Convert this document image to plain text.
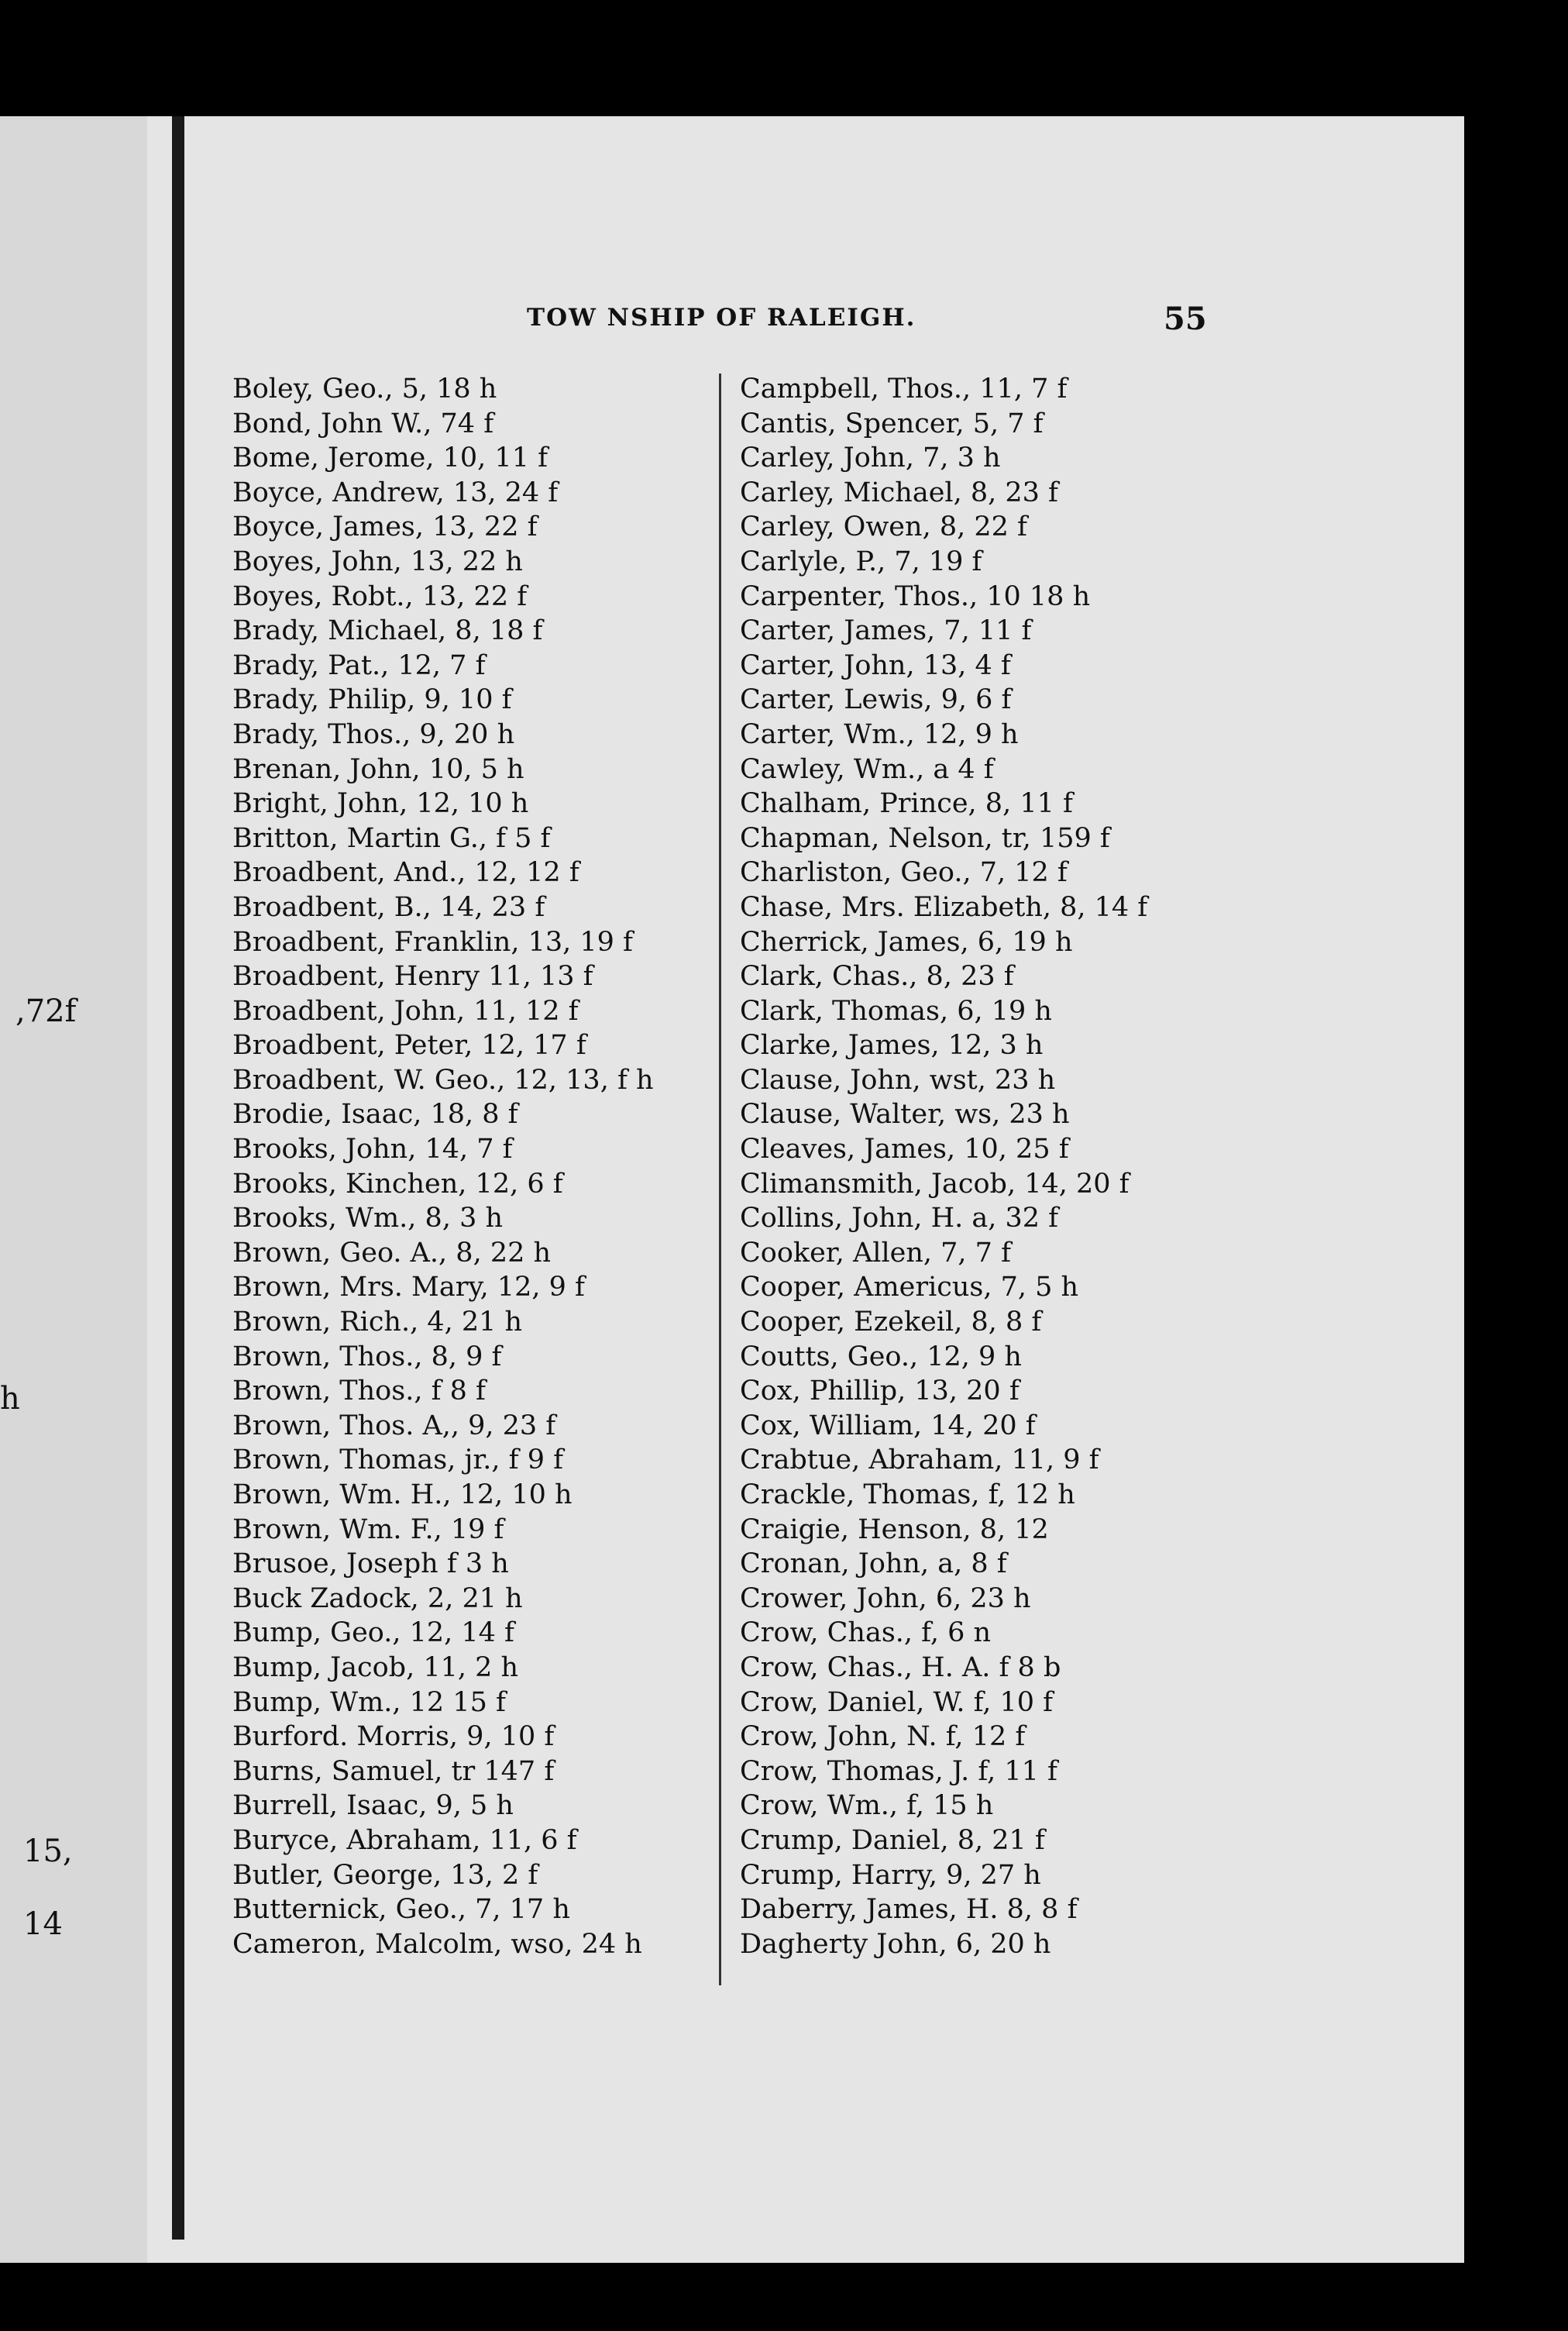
,72f
h
15,
14
TOW NSHIP OF RALEIGH.	55
Boley, Geo., 5, 18 h
Bond, John W., 74 f
Bome, Jerome, 10, 11 f
Boyce, Andrew, 13, 24 f
Boyce, James, 13, 22 f
Boyes, John, 13, 22 h
Boyes, Robt., 13, 22 f
Brady, Michael, 8, 18 f
Brady, Pat., 12, 7 f
Brady, Philip, 9, 10 f
Brady, Thos., 9, 20 h
Brenan, John, 10, 5 h
Bright, John, 12, 10 h
Britton, Martin G., f 5 f
Broadbent, And., 12, 12 f
Broadbent, B., 14, 23 f
Broadbent, Franklin, 13, 19 f
Broadbent, Henry 11, 13 f
Broadbent, John, 11, 12 f
Broadbent, Peter, 12, 17 f
Broadbent, W. Geo., 12, 13, f h
Brodie, Isaac, 18, 8 f
Brooks, John, 14, 7 f
Brooks, Kinchen, 12, 6 f
Brooks, Wm., 8, 3 h
Brown, Geo. A., 8, 22 h
Brown, Mrs. Mary, 12, 9 f
Brown, Rich., 4, 21 h
Brown, Thos., 8, 9 f
Brown, Thos., f 8 f
Brown, Thos. A,, 9, 23 f
Brown, Thomas, jr., f 9 f
Brown, Wm. H., 12, 10 h
Brown, Wm. F., 19 f
Brusoe, Joseph f 3 h
Buck Zadock, 2, 21 h
Bump, Geo., 12, 14 f
Bump, Jacob, 11, 2 h
Bump, Wm., 12 15 f
Burford. Morris, 9, 10 f
Burns, Samuel, tr 147 f
Burrell, Isaac, 9, 5 h
Buryce, Abraham, 11, 6 f
Butler, George, 13, 2 f
Butternick, Geo., 7, 17 h
Cameron, Malcolm, wso, 24 h
Campbell, Thos., 11, 7 f
Cantis, Spencer, 5, 7 f
Carley, John, 7, 3 h
Carley, Michael, 8, 23 f
Carley, Owen, 8, 22 f
Carlyle, P., 7, 19 f
Carpenter, Thos., 10 18 h
Carter, James, 7, 11 f
Carter, John, 13, 4 f
Carter, Lewis, 9, 6 f
Carter, Wm., 12, 9 h
Cawley, Wm., a 4 f
Chalham, Prince, 8, 11 f
Chapman, Nelson, tr, 159 f
Charliston, Geo., 7, 12 f
Chase, Mrs. Elizabeth, 8, 14 f
Cherrick, James, 6, 19 h
Clark, Chas., 8, 23 f
Clark, Thomas, 6, 19 h
Clarke, James, 12, 3 h
Clause, John, wst, 23 h
Clause, Walter, ws, 23 h
Cleaves, James, 10, 25 f
Climansmith, Jacob, 14, 20 f
Collins, John, H. a, 32 f
Cooker, Allen, 7, 7 f
Cooper, Americus, 7, 5 h
Cooper, Ezekeil, 8, 8 f
Coutts, Geo., 12, 9 h
Cox, Phillip, 13, 20 f
Cox, William, 14, 20 f
Crabtue, Abraham, 11, 9 f
Crackle, Thomas, f, 12 h
Craigie, Henson, 8, 12
Cronan, John, a, 8 f
Crower, John, 6, 23 h
Crow, Chas., f, 6 n
Crow, Chas., H. A. f 8 b
Crow, Daniel, W. f, 10 f
Crow, John, N. f, 12 f
Crow, Thomas, J. f, 11 f
Crow, Wm., f, 15 h
Crump, Daniel, 8, 21 f
Crump, Harry, 9, 27 h
Daberry, James, H. 8, 8 f
Dagherty John, 6, 20 h
